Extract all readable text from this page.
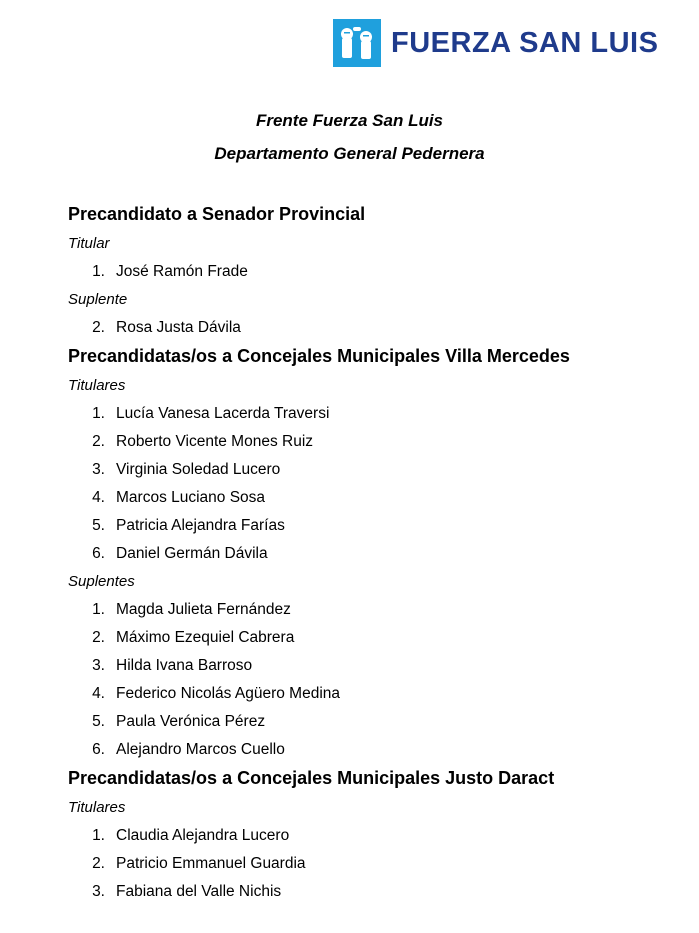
FUERZA SAN LUIS
Frente Fuerza San Luis
Departamento General Pedernera
Precandidato a Senador Provincial
Titular
1. José Ramón Frade
Suplente
2. Rosa Justa Dávila
Precandidatas/os a Concejales Municipales Villa Mercedes
Titulares
1. Lucía Vanesa Lacerda Traversi
2. Roberto Vicente Mones Ruiz
3. Virginia Soledad Lucero
4. Marcos Luciano Sosa
5. Patricia Alejandra Farías
6. Daniel Germán Dávila
Suplentes
1. Magda Julieta Fernández
2. Máximo Ezequiel Cabrera
3. Hilda Ivana Barroso
4. Federico Nicolás Agüero Medina
5. Paula Verónica Pérez
6. Alejandro Marcos Cuello
Precandidatas/os a Concejales Municipales Justo Daract
Titulares
1. Claudia Alejandra Lucero
2. Patricio Emmanuel Guardia
3. Fabiana del Valle Nichis
